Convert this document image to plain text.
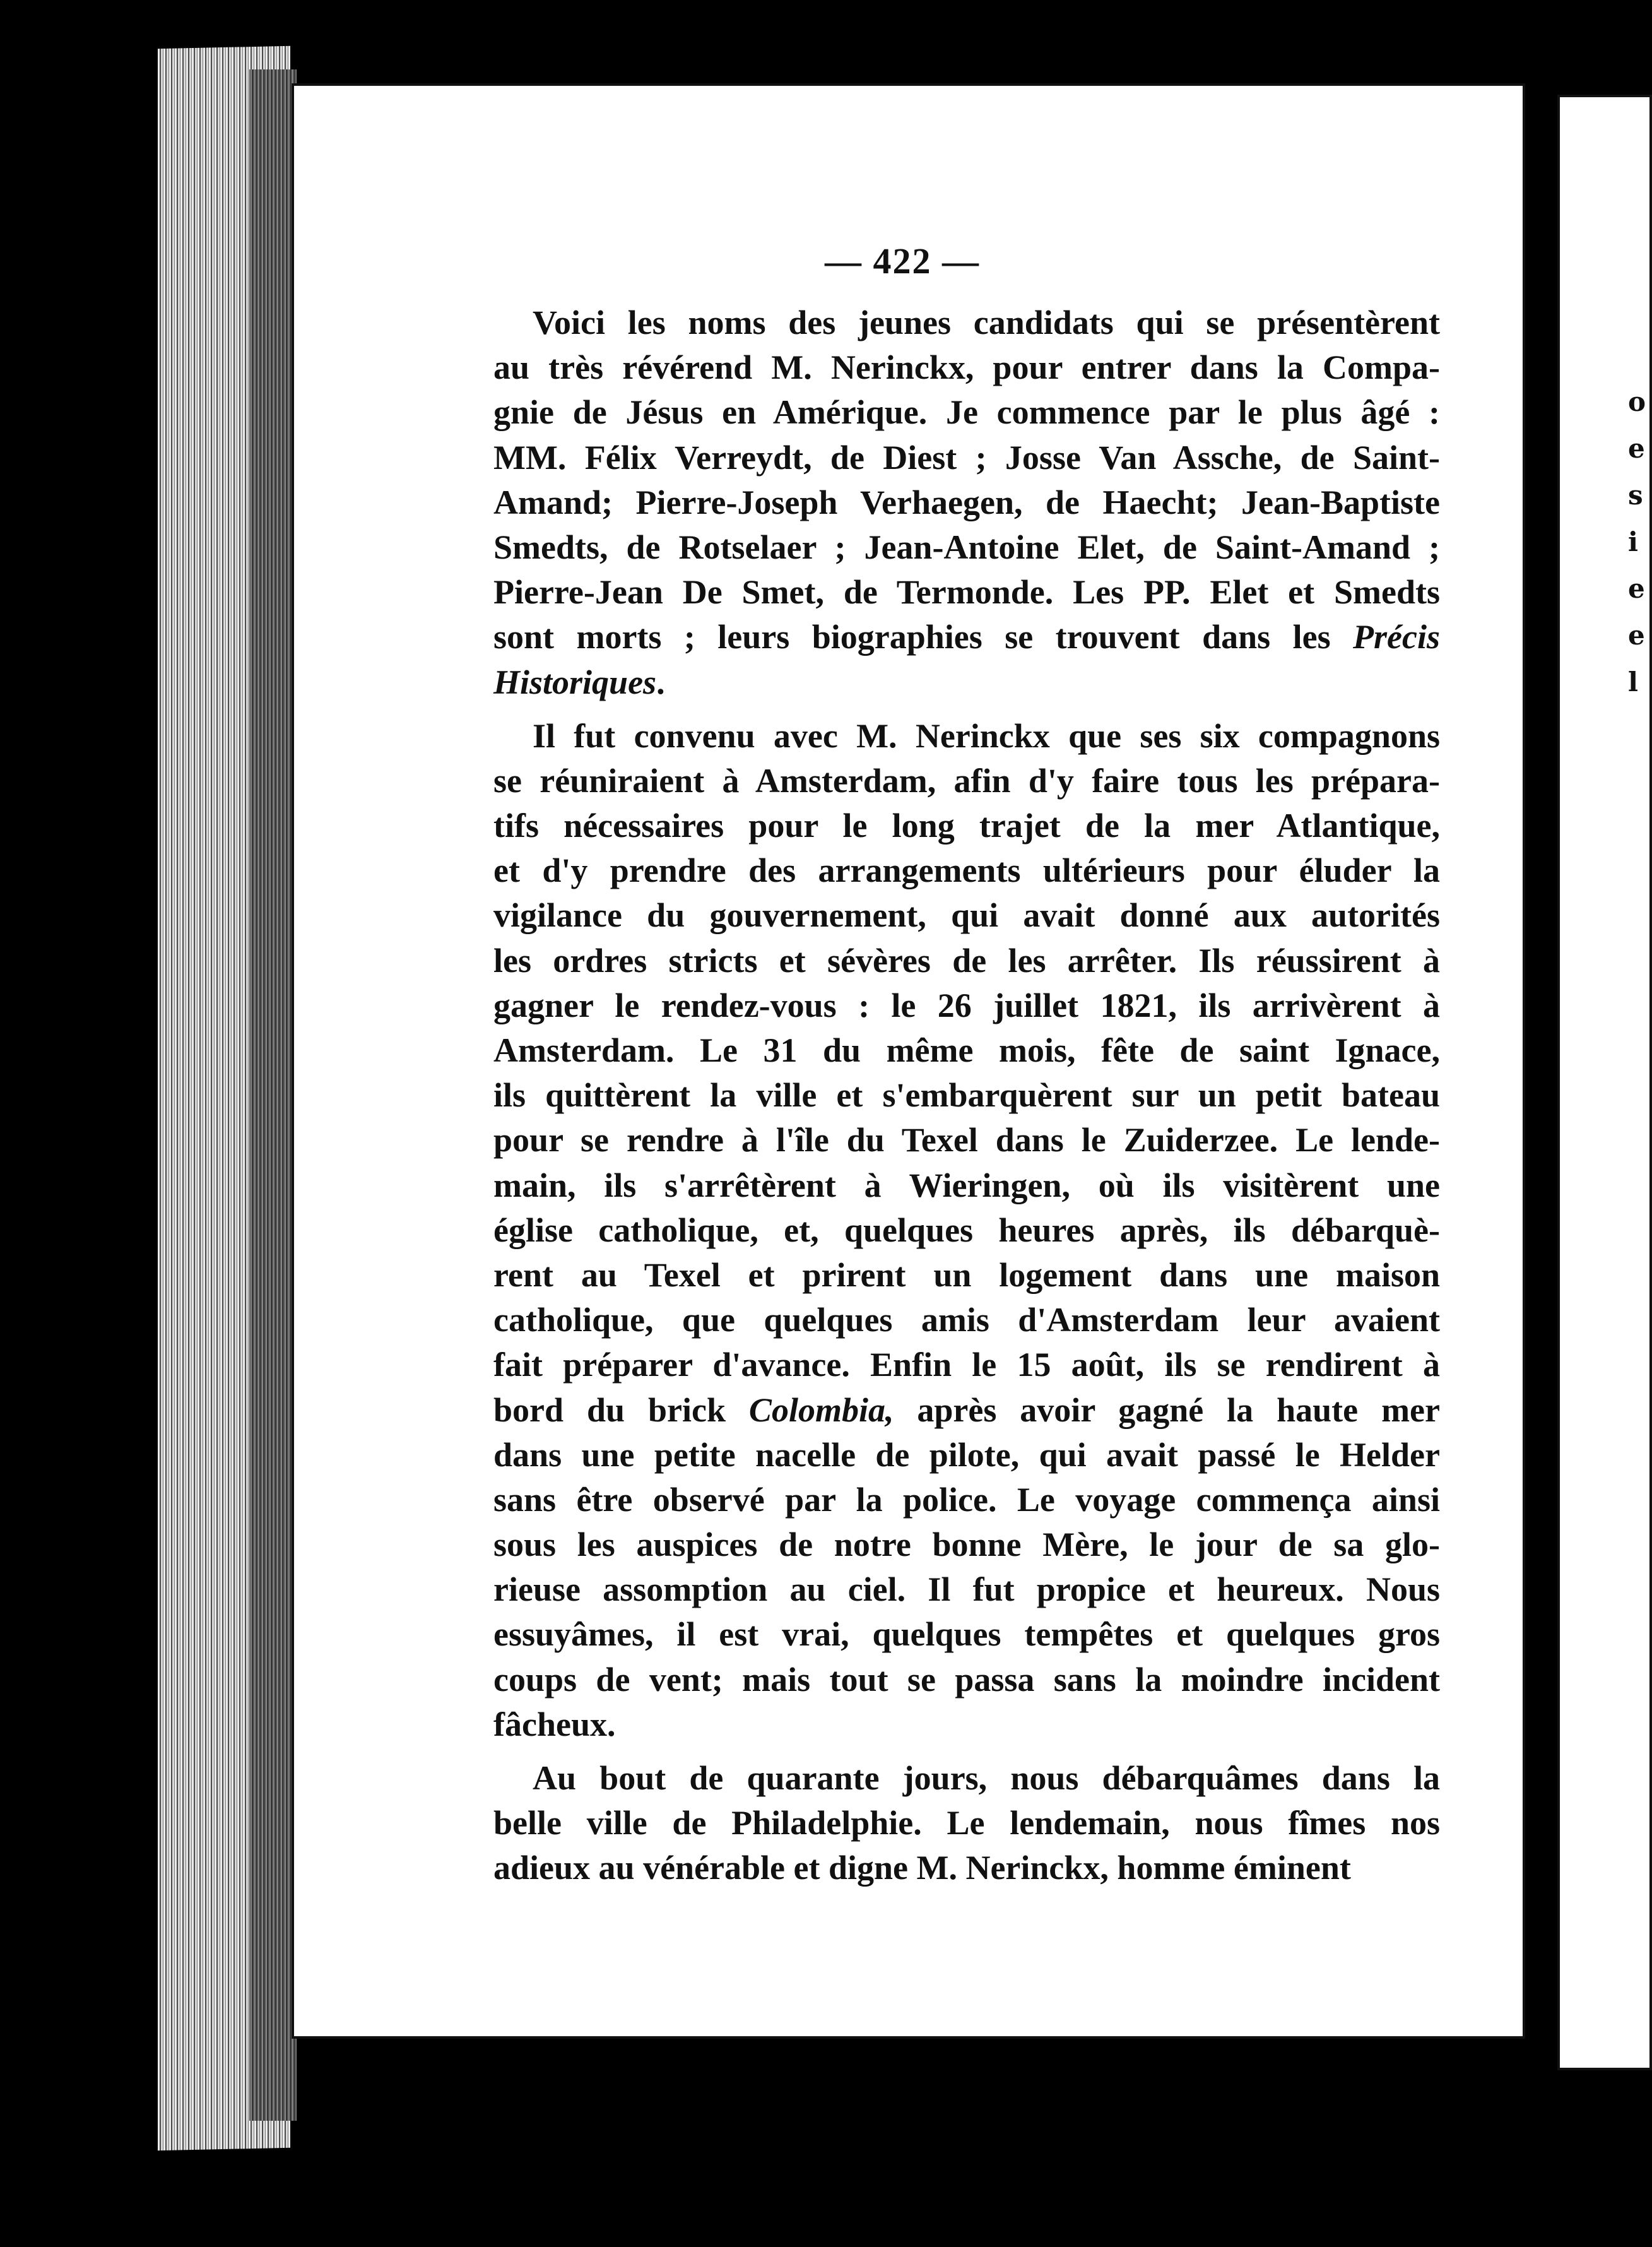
o
e
s
i
e
e
l
— 422 —
Voici les noms des jeunes candidats qui se présentèrent
au très révérend M. Nerinckx, pour entrer dans la Compa-
gnie de Jésus en Amérique. Je commence par le plus âgé :
MM. Félix Verreydt, de Diest ; Josse Van Assche, de Saint-
Amand; Pierre-Joseph Verhaegen, de Haecht; Jean-Baptiste
Smedts, de Rotselaer ; Jean-Antoine Elet, de Saint-Amand ;
Pierre-Jean De Smet, de Termonde. Les PP. Elet et Smedts
sont morts ; leurs biographies se trouvent dans les Précis
Historiques.
Il fut convenu avec M. Nerinckx que ses six compagnons
se réuniraient à Amsterdam, afin d'y faire tous les prépara-
tifs nécessaires pour le long trajet de la mer Atlantique,
et d'y prendre des arrangements ultérieurs pour éluder la
vigilance du gouvernement, qui avait donné aux autorités
les ordres stricts et sévères de les arrêter. Ils réussirent à
gagner le rendez-vous : le 26 juillet 1821, ils arrivèrent à
Amsterdam. Le 31 du même mois, fête de saint Ignace,
ils quittèrent la ville et s'embarquèrent sur un petit bateau
pour se rendre à l'île du Texel dans le Zuiderzee. Le lende-
main, ils s'arrêtèrent à Wieringen, où ils visitèrent une
église catholique, et, quelques heures après, ils débarquè-
rent au Texel et prirent un logement dans une maison
catholique, que quelques amis d'Amsterdam leur avaient
fait préparer d'avance. Enfin le 15 août, ils se rendirent à
bord du brick Colombia, après avoir gagné la haute mer
dans une petite nacelle de pilote, qui avait passé le Helder
sans être observé par la police. Le voyage commença ainsi
sous les auspices de notre bonne Mère, le jour de sa glo-
rieuse assomption au ciel. Il fut propice et heureux. Nous
essuyâmes, il est vrai, quelques tempêtes et quelques gros
coups de vent; mais tout se passa sans la moindre incident
fâcheux.
Au bout de quarante jours, nous débarquâmes dans la
belle ville de Philadelphie. Le lendemain, nous fîmes nos
adieux au vénérable et digne M. Nerinckx, homme éminent
